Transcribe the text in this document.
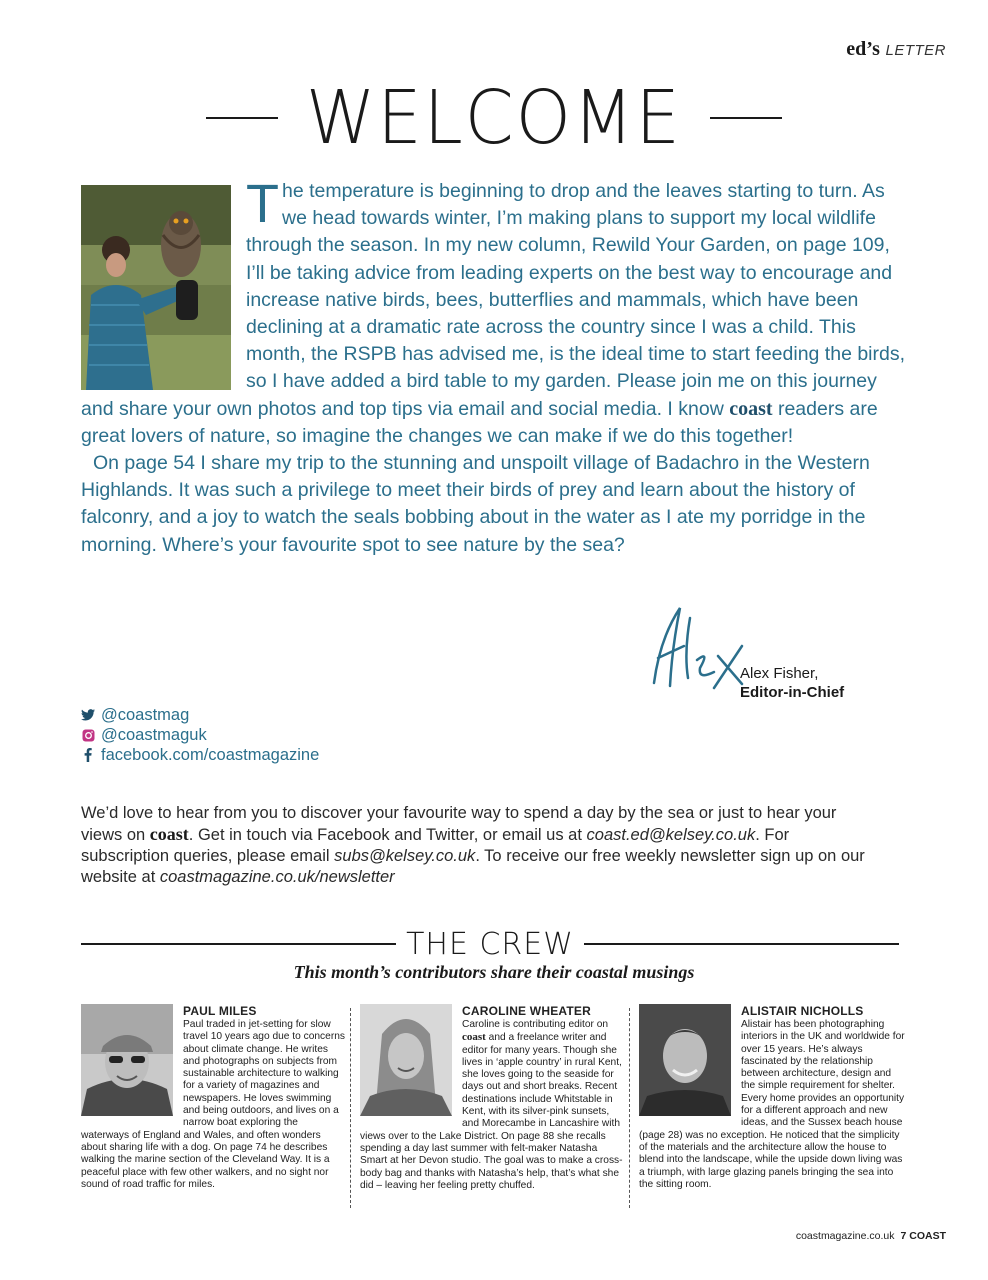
ed’s LETTER
WELCOME

The temperature is beginning to drop and the leaves starting to turn. As we head towards winter, I’m making plans to support my local wildlife through the season. In my new column, Rewild Your Garden, on page 109, I’ll be taking advice from leading experts on the best way to encourage and increase native birds, bees, butterflies and mammals, which have been declining at a dramatic rate across the country since I was a child. This month, the RSPB has advised me, is the ideal time to start feeding the birds, so I have added a bird table to my garden. Please join me on this journey and share your own photos and top tips via email and social media. I know coast readers are great lovers of nature, so imagine the changes we can make if we do this together!

On page 54 I share my trip to the stunning and unspoilt village of Badachro in the Western Highlands. It was such a privilege to meet their birds of prey and learn about the history of falconry, and a joy to watch the seals bobbing about in the water as I ate my porridge in the morning. Where’s your favourite spot to see nature by the sea?

Alex Fisher,
Editor-in-Chief
@coastmag
@coastmaguk
facebook.com/coastmagazine

We’d love to hear from you to discover your favourite way to spend a day by the sea or just to hear your views on coast. Get in touch via Facebook and Twitter, or email us at coast.ed@kelsey.co.uk. For subscription queries, please email subs@kelsey.co.uk. To receive our free weekly newsletter sign up on our website at coastmagazine.co.uk/newsletter

THE CREW
This month’s contributors share their coastal musings
PAUL MILES
Paul traded in jet-setting for slow travel 10 years ago due to concerns about climate change. He writes and photographs on subjects from sustainable architecture to walking for a variety of magazines and newspapers. He loves swimming and being outdoors, and lives on a narrow boat exploring the waterways of England and Wales, and often wonders about sharing life with a dog. On page 74 he describes walking the marine section of the Cleveland Way. It is a peaceful place with few other walkers, and no sight nor sound of road traffic for miles.
CAROLINE WHEATER
Caroline is contributing editor on coast and a freelance writer and editor for many years. Though she lives in ‘apple country’ in rural Kent, she loves going to the seaside for days out and short breaks. Recent destinations include Whitstable in Kent, with its silver-pink sunsets, and Morecambe in Lancashire with views over to the Lake District. On page 88 she recalls spending a day last summer with felt-maker Natasha Smart at her Devon studio. The goal was to make a cross-body bag and thanks with Natasha’s help, that’s what she did – leaving her feeling pretty chuffed.
ALISTAIR NICHOLLS
Alistair has been photographing interiors in the UK and worldwide for over 15 years. He’s always fascinated by the relationship between architecture, design and the simple requirement for shelter. Every home provides an opportunity for a different approach and new ideas, and the Sussex beach house (page 28) was no exception. He noticed that the simplicity of the materials and the architecture allow the house to blend into the landscape, while the upside down living was a triumph, with large glazing panels bringing the sea into the sitting room.
coastmagazine.co.uk 7 COAST
